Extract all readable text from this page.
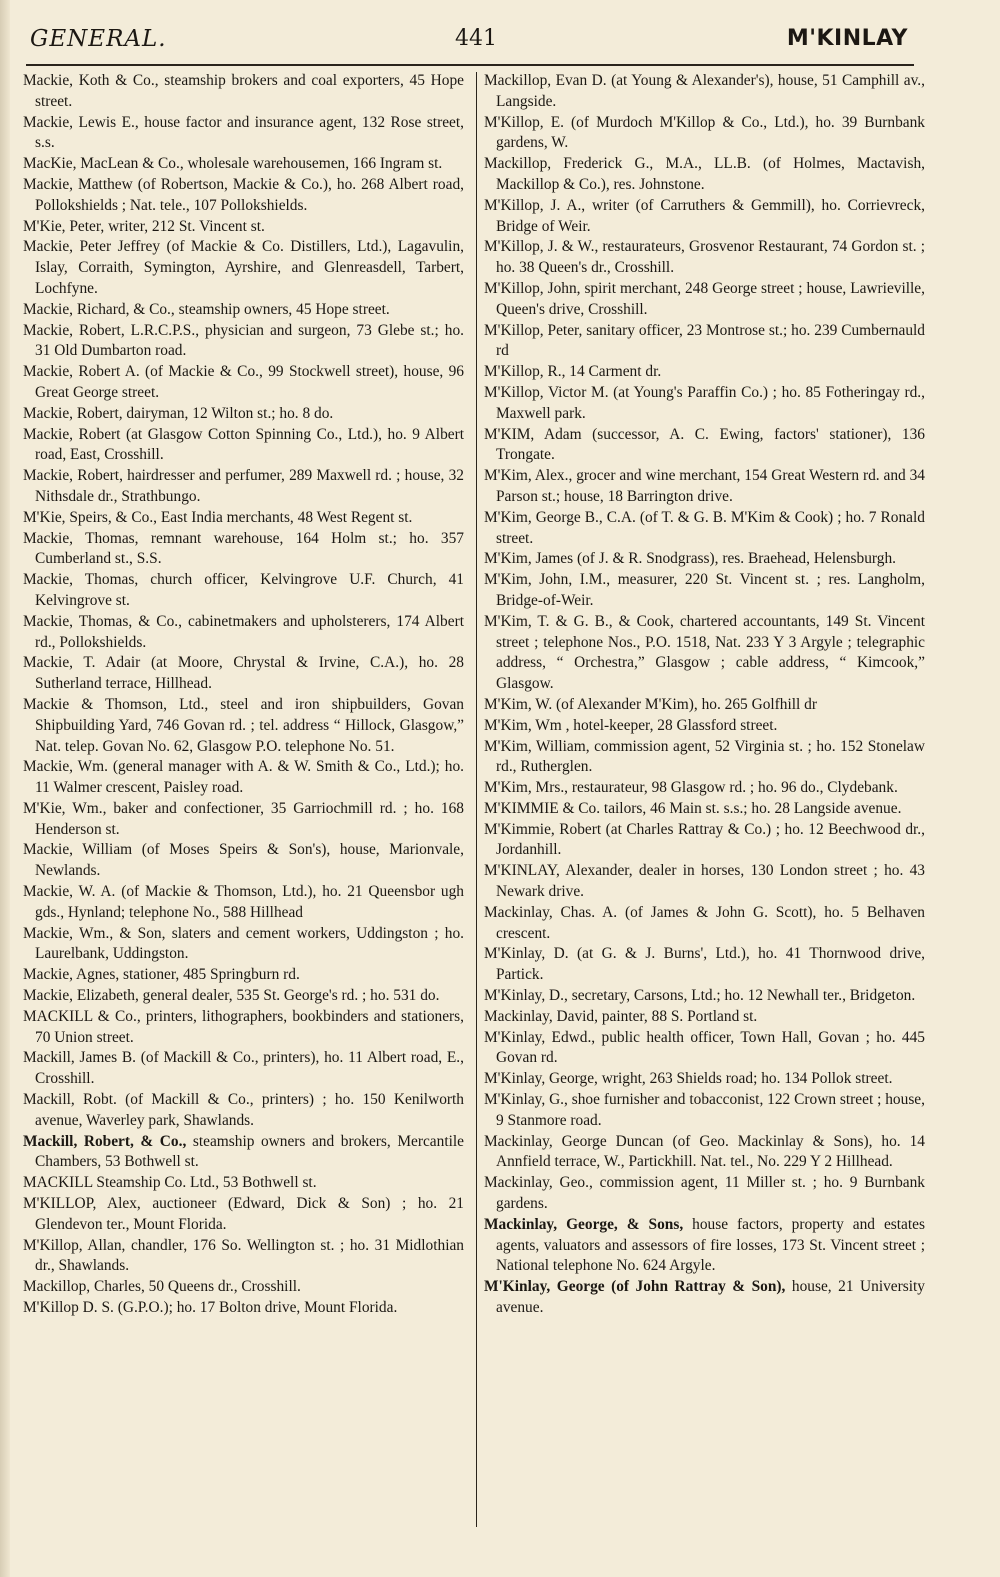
GENERAL.	441	M'KINLAY
Mackie, Koth & Co., steamship brokers and coal exporters, 45 Hope street.
Mackie, Lewis E., house factor and insurance agent, 132 Rose street, s.s.
MacKie, MacLean & Co., wholesale warehousemen, 166 Ingram st.
Mackie, Matthew (of Robertson, Mackie & Co.), ho. 268 Albert road, Pollokshields ; Nat. tele., 107 Pollokshields.
M'Kie, Peter, writer, 212 St. Vincent st.
Mackie, Peter Jeffrey (of Mackie & Co. Distillers, Ltd.), Lagavulin, Islay, Corraith, Symington, Ayrshire, and Glenreasdell, Tarbert, Lochfyne.
Mackie, Richard, & Co., steamship owners, 45 Hope street.
Mackie, Robert, L.R.C.P.S., physician and surgeon, 73 Glebe st.; ho. 31 Old Dumbarton road.
Mackie, Robert A. (of Mackie & Co., 99 Stockwell street), house, 96 Great George street.
Mackie, Robert, dairyman, 12 Wilton st.; ho. 8 do.
Mackie, Robert (at Glasgow Cotton Spinning Co., Ltd.), ho. 9 Albert road, East, Crosshill.
Mackie, Robert, hairdresser and perfumer, 289 Maxwell rd. ; house, 32 Nithsdale dr., Strathbungo.
M'Kie, Speirs, & Co., East India merchants, 48 West Regent st.
Mackie, Thomas, remnant warehouse, 164 Holm st.; ho. 357 Cumberland st., S.S.
Mackie, Thomas, church officer, Kelvingrove U.F. Church, 41 Kelvingrove st.
Mackie, Thomas, & Co., cabinetmakers and upholsterers, 174 Albert rd., Pollokshields.
Mackie, T. Adair (at Moore, Chrystal & Irvine, C.A.), ho. 28 Sutherland terrace, Hillhead.
Mackie & Thomson, Ltd., steel and iron shipbuilders, Govan Shipbuilding Yard, 746 Govan rd. ; tel. address “ Hillock, Glasgow,” Nat. telep. Govan No. 62, Glasgow P.O. telephone No. 51.
Mackie, Wm. (general manager with A. & W. Smith & Co., Ltd.); ho. 11 Walmer crescent, Paisley road.
M'Kie, Wm., baker and confectioner, 35 Garriochmill rd. ; ho. 168 Henderson st.
Mackie, William (of Moses Speirs & Son's), house, Marionvale, Newlands.
Mackie, W. A. (of Mackie & Thomson, Ltd.), ho. 21 Queensbor ugh gds., Hynland; telephone No., 588 Hillhead
Mackie, Wm., & Son, slaters and cement workers, Uddingston ; ho. Laurelbank, Uddingston.
Mackie, Agnes, stationer, 485 Springburn rd.
Mackie, Elizabeth, general dealer, 535 St. George's rd. ; ho. 531 do.
MACKILL & Co., printers, lithographers, bookbinders and stationers, 70 Union street.
Mackill, James B. (of Mackill & Co., printers), ho. 11 Albert road, E., Crosshill.
Mackill, Robt. (of Mackill & Co., printers) ; ho. 150 Kenilworth avenue, Waverley park, Shawlands.
Mackill, Robert, & Co., steamship owners and brokers, Mercantile Chambers, 53 Bothwell st.
MACKILL Steamship Co. Ltd., 53 Bothwell st.
M'KILLOP, Alex, auctioneer (Edward, Dick & Son) ; ho. 21 Glendevon ter., Mount Florida.
M'Killop, Allan, chandler, 176 So. Wellington st. ; ho. 31 Midlothian dr., Shawlands.
Mackillop, Charles, 50 Queens dr., Crosshill.
M'Killop D. S. (G.P.O.); ho. 17 Bolton drive, Mount Florida.
Mackillop, Evan D. (at Young & Alexander's), house, 51 Camphill av., Langside.
M'Killop, E. (of Murdoch M'Killop & Co., Ltd.), ho. 39 Burnbank gardens, W.
Mackillop, Frederick G., M.A., LL.B. (of Holmes, Mactavish, Mackillop & Co.), res. Johnstone.
M'Killop, J. A., writer (of Carruthers & Gemmill), ho. Corrievreck, Bridge of Weir.
M'Killop, J. & W., restaurateurs, Grosvenor Restaurant, 74 Gordon st. ; ho. 38 Queen's dr., Crosshill.
M'Killop, John, spirit merchant, 248 George street ; house, Lawrieville, Queen's drive, Crosshill.
M'Killop, Peter, sanitary officer, 23 Montrose st.; ho. 239 Cumbernauld rd
M'Killop, R., 14 Carment dr.
M'Killop, Victor M. (at Young's Paraffin Co.) ; ho. 85 Fotheringay rd., Maxwell park.
M'KIM, Adam (successor, A. C. Ewing, factors' stationer), 136 Trongate.
M'Kim, Alex., grocer and wine merchant, 154 Great Western rd. and 34 Parson st.; house, 18 Barrington drive.
M'Kim, George B., C.A. (of T. & G. B. M'Kim & Cook) ; ho. 7 Ronald street.
M'Kim, James (of J. & R. Snodgrass), res. Braehead, Helensburgh.
M'Kim, John, I.M., measurer, 220 St. Vincent st. ; res. Langholm, Bridge-of-Weir.
M'Kim, T. & G. B., & Cook, chartered accountants, 149 St. Vincent street ; telephone Nos., P.O. 1518, Nat. 233 Y 3 Argyle ; telegraphic address, “ Orchestra,” Glasgow ; cable address, “ Kimcook,” Glasgow.
M'Kim, W. (of Alexander M'Kim), ho. 265 Golfhill dr
M'Kim, Wm , hotel-keeper, 28 Glassford street.
M'Kim, William, commission agent, 52 Virginia st. ; ho. 152 Stonelaw rd., Rutherglen.
M'Kim, Mrs., restaurateur, 98 Glasgow rd. ; ho. 96 do., Clydebank.
M'KIMMIE & Co. tailors, 46 Main st. s.s.; ho. 28 Langside avenue.
M'Kimmie, Robert (at Charles Rattray & Co.) ; ho. 12 Beechwood dr., Jordanhill.
M'KINLAY, Alexander, dealer in horses, 130 London street ; ho. 43 Newark drive.
Mackinlay, Chas. A. (of James & John G. Scott), ho. 5 Belhaven crescent.
M'Kinlay, D. (at G. & J. Burns', Ltd.), ho. 41 Thornwood drive, Partick.
M'Kinlay, D., secretary, Carsons, Ltd.; ho. 12 Newhall ter., Bridgeton.
Mackinlay, David, painter, 88 S. Portland st.
M'Kinlay, Edwd., public health officer, Town Hall, Govan ; ho. 445 Govan rd.
M'Kinlay, George, wright, 263 Shields road; ho. 134 Pollok street.
M'Kinlay, G., shoe furnisher and tobacconist, 122 Crown street ; house, 9 Stanmore road.
Mackinlay, George Duncan (of Geo. Mackinlay & Sons), ho. 14 Annfield terrace, W., Partickhill. Nat. tel., No. 229 Y 2 Hillhead.
Mackinlay, Geo., commission agent, 11 Miller st. ; ho. 9 Burnbank gardens.
Mackinlay, George, & Sons, house factors, property and estates agents, valuators and assessors of fire losses, 173 St. Vincent street ; National telephone No. 624 Argyle.
M'Kinlay, George (of John Rattray & Son), house, 21 University avenue.
